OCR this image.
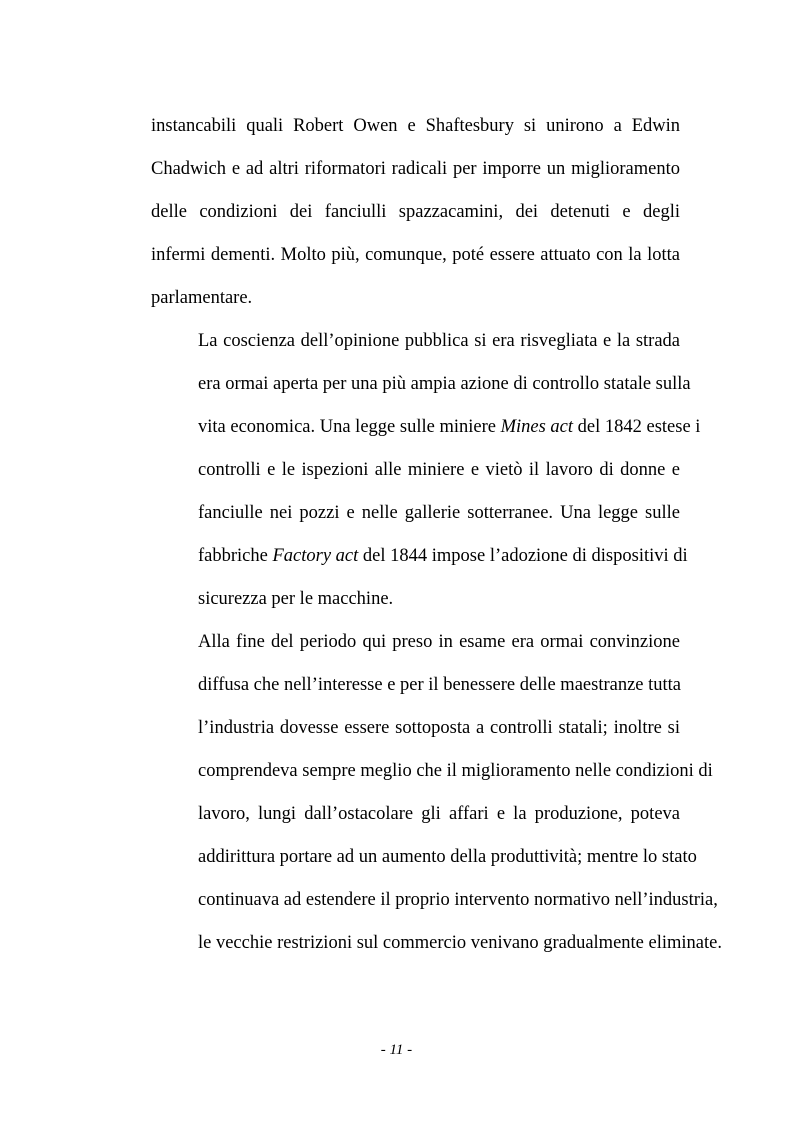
instancabili quali Robert Owen e Shaftesbury si unirono a Edwin
Chadwich e ad altri riformatori radicali per imporre un miglioramento
delle condizioni dei fanciulli spazzacamini, dei detenuti e degli
infermi dementi. Molto più, comunque, poté essere attuato con la lotta
parlamentare.
La coscienza dell’opinione pubblica si era risvegliata e la strada
era ormai aperta per una più ampia azione di controllo statale sulla
vita economica. Una legge sulle miniere Mines act del 1842 estese i
controlli e le ispezioni alle miniere e vietò il lavoro di donne e
fanciulle nei pozzi e nelle gallerie sotterranee. Una legge sulle
fabbriche Factory act del 1844 impose l’adozione di dispositivi di
sicurezza per le macchine.
Alla fine del periodo qui preso in esame era ormai convinzione
diffusa che nell’interesse e per il benessere delle maestranze tutta
l’industria dovesse essere sottoposta a controlli statali; inoltre si
comprendeva sempre meglio che il miglioramento nelle condizioni di
lavoro, lungi dall’ostacolare gli affari e la produzione, poteva
addirittura portare ad un aumento della produttività; mentre lo stato
continuava ad estendere il proprio intervento normativo nell’industria,
le vecchie restrizioni sul commercio venivano gradualmente eliminate.
- 11 -
